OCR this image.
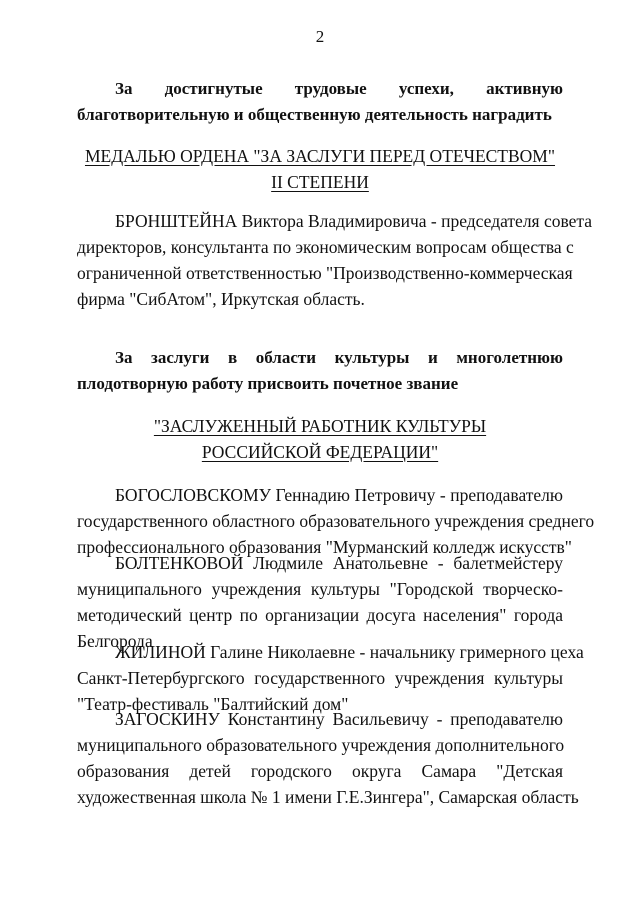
2
За достигнутые трудовые успехи, активную
благотворительную и общественную деятельность наградить
МЕДАЛЬЮ ОРДЕНА "ЗА ЗАСЛУГИ ПЕРЕД ОТЕЧЕСТВОМ"
II СТЕПЕНИ
БРОНШТЕЙНА Виктора Владимировича - председателя совета
директоров, консультанта по экономическим вопросам общества с
ограниченной ответственностью "Производственно-коммерческая
фирма "СибАтом", Иркутская область.
За заслуги в области культуры и многолетнюю
плодотворную работу присвоить почетное звание
"ЗАСЛУЖЕННЫЙ РАБОТНИК КУЛЬТУРЫ
РОССИЙСКОЙ ФЕДЕРАЦИИ"
БОГОСЛОВСКОМУ Геннадию Петровичу - преподавателю
государственного областного образовательного учреждения среднего
профессионального образования "Мурманский колледж искусств"
БОЛТЕНКОВОЙ Людмиле Анатольевне - балетмейстеру
муниципального учреждения культуры "Городской творческо-
методический центр по организации досуга населения" города
Белгорода
ЖИЛИНОЙ Галине Николаевне - начальнику гримерного цеха
Санкт-Петербургского государственного учреждения культуры
"Театр-фестиваль "Балтийский дом"
ЗАГОСКИНУ Константину Васильевичу - преподавателю
муниципального образовательного учреждения дополнительного
образования детей городского округа Самара "Детская
художественная школа № 1 имени Г.Е.Зингера", Самарская область
